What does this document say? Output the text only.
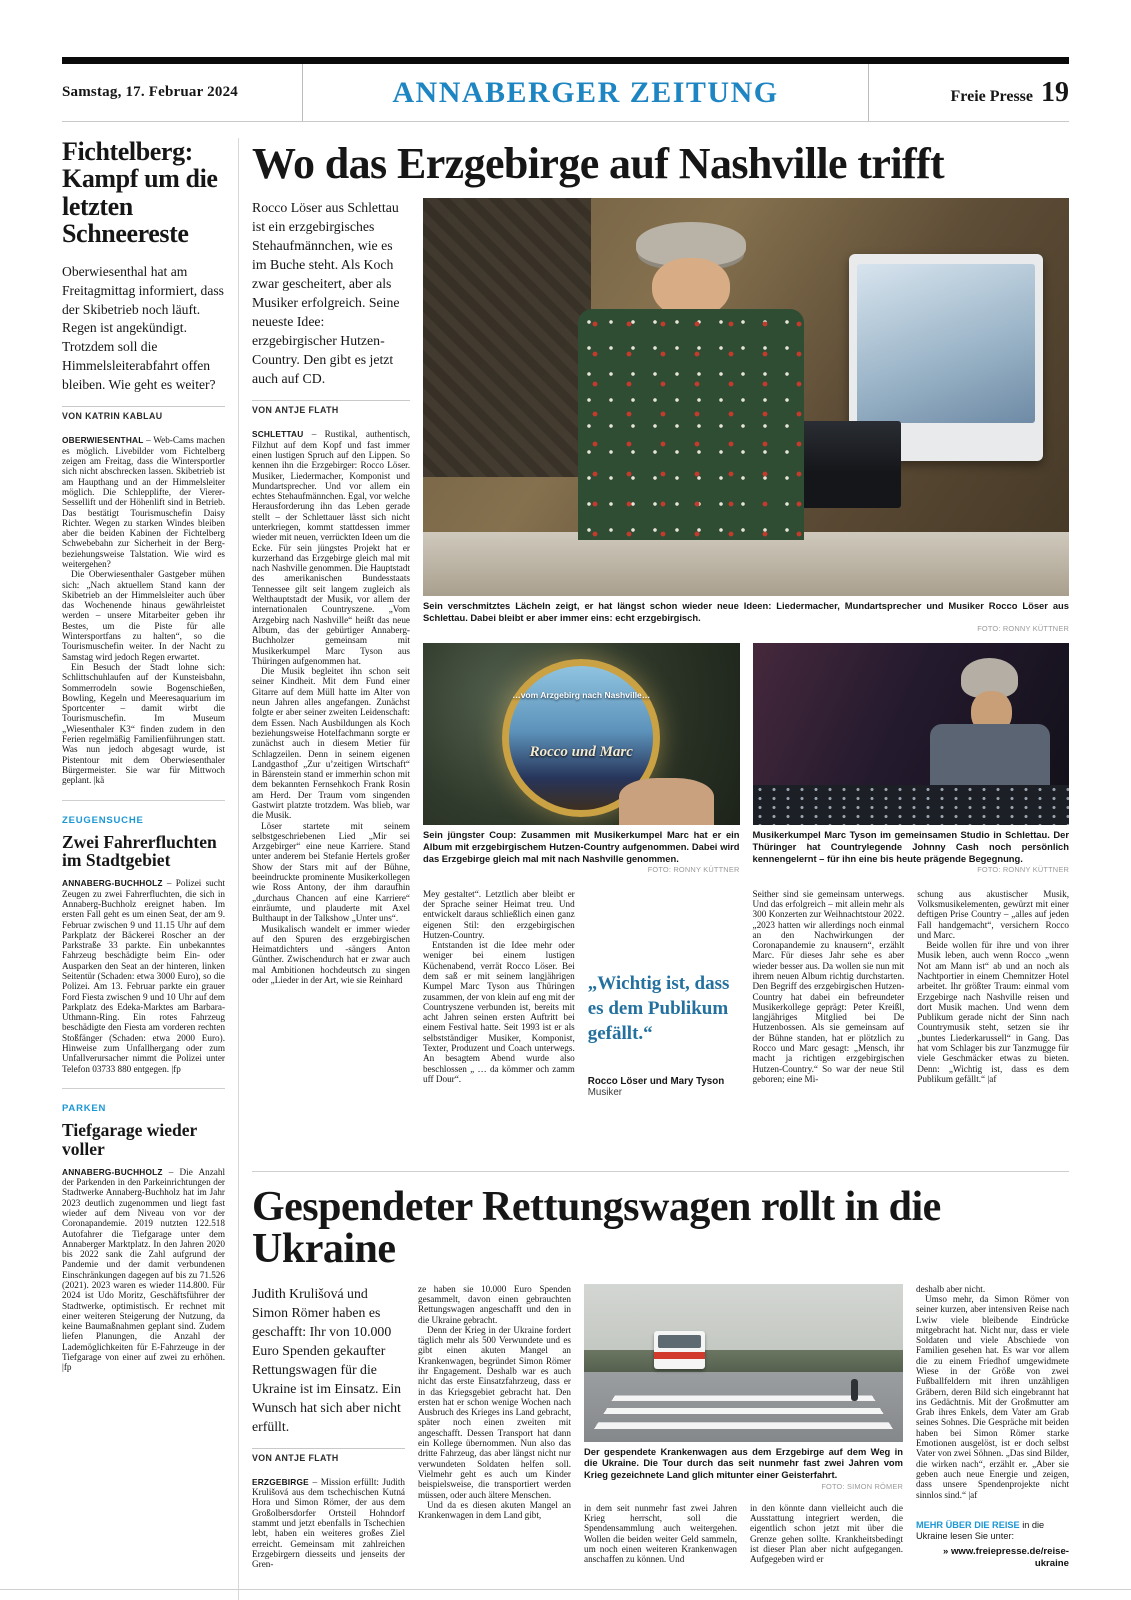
Samstag, 17. Februar 2024	ANNABERGER ZEITUNG	Freie Presse 19
Fichtelberg: Kampf um die letzten Schneereste

Oberwiesenthal hat am Freitagmittag informiert, dass der Skibetrieb noch läuft. Regen ist angekündigt. Trotzdem soll die Himmelsleiterabfahrt offen bleiben. Wie geht es weiter?

VON KATRIN KABLAU

OBERWIESENTHAL – Web-Cams machen es möglich. Livebilder vom Fichtelberg zeigen am Freitag, dass die Wintersportler sich nicht abschrecken lassen. Skibetrieb ist am Haupthang und an der Himmelsleiter möglich. Die Schlepplifte, der Vierer-Sessellift und der Höhenlift sind in Betrieb. Das bestätigt Tourismuschefin Daisy Richter. Wegen zu starken Windes bleiben aber die beiden Kabinen der Fichtelberg Schwebebahn zur Sicherheit in der Berg- beziehungsweise Talstation. Wie wird es weitergehen?

Die Oberwiesenthaler Gastgeber mühen sich: „Nach aktuellem Stand kann der Skibetrieb an der Himmelsleiter auch über das Wochenende hinaus gewährleistet werden – unsere Mitarbeiter geben ihr Bestes, um die Piste für alle Wintersportfans zu halten“, so die Tourismuschefin weiter. In der Nacht zu Samstag wird jedoch Regen erwartet.

Ein Besuch der Stadt lohne sich: Schlittschuhlaufen auf der Kunsteisbahn, Sommerrodeln sowie Bogenschießen, Bowling, Kegeln und Meeresaquarium im Sportcenter – damit wirbt die Tourismuschefin. Im Museum „Wiesenthaler K3“ finden zudem in den Ferien regelmäßig Familienführungen statt. Was nun jedoch abgesagt wurde, ist Pistentour mit dem Oberwiesenthaler Bürgermeister. Sie war für Mittwoch geplant. |kä

ZEUGENSUCHE
Zwei Fahrerfluchten im Stadtgebiet

ANNABERG-BUCHHOLZ – Polizei sucht Zeugen zu zwei Fahrerfluchten, die sich in Annaberg-Buchholz ereignet haben. Im ersten Fall geht es um einen Seat, der am 9. Februar zwischen 9 und 11.15 Uhr auf dem Parkplatz der Bäckerei Roscher an der Parkstraße 33 parkte. Ein unbekanntes Fahrzeug beschädigte beim Ein- oder Ausparken den Seat an der hinteren, linken Seitentür (Schaden: etwa 3000 Euro), so die Polizei. Am 13. Februar parkte ein grauer Ford Fiesta zwischen 9 und 10 Uhr auf dem Parkplatz des Edeka-Marktes am Barbara-Uthmann-Ring. Ein rotes Fahrzeug beschädigte den Fiesta am vorderen rechten Stoßfänger (Schaden: etwa 2000 Euro). Hinweise zum Unfallhergang oder zum Unfallverursacher nimmt die Polizei unter Telefon 03733 880 entgegen. |fp

PARKEN
Tiefgarage wieder voller

ANNABERG-BUCHHOLZ – Die Anzahl der Parkenden in den Parkeinrichtungen der Stadtwerke Annaberg-Buchholz hat im Jahr 2023 deutlich zugenommen und liegt fast wieder auf dem Niveau von vor der Coronapandemie. 2019 nutzten 122.518 Autofahrer die Tiefgarage unter dem Annaberger Marktplatz. In den Jahren 2020 bis 2022 sank die Zahl aufgrund der Pandemie und der damit verbundenen Einschränkungen dagegen auf bis zu 71.526 (2021). 2023 waren es wieder 114.800. Für 2024 ist Udo Moritz, Geschäftsführer der Stadtwerke, optimistisch. Er rechnet mit einer weiteren Steigerung der Nutzung, da keine Baumaßnahmen geplant sind. Zudem liefen Planungen, die Anzahl der Lademöglichkeiten für E-Fahrzeuge in der Tiefgarage von einer auf zwei zu erhöhen. |fp

Wo das Erzgebirge auf Nashville trifft

Rocco Löser aus Schlettau ist ein erzgebirgisches Stehaufmännchen, wie es im Buche steht. Als Koch zwar gescheitert, aber als Musiker erfolgreich. Seine neueste Idee: erzgebirgischer Hutzen-Country. Den gibt es jetzt auch auf CD.

VON ANTJE FLATH

SCHLETTAU – Rustikal, authentisch, Filzhut auf dem Kopf und fast immer einen lustigen Spruch auf den Lippen. So kennen ihn die Erzgebirger: Rocco Löser. Musiker, Liedermacher, Komponist und Mundartsprecher. Und vor allem ein echtes Stehaufmännchen. Egal, vor welche Herausforderung ihn das Leben gerade stellt – der Schlettauer lässt sich nicht unterkriegen, kommt stattdessen immer wieder mit neuen, verrückten Ideen um die Ecke. Für sein jüngstes Projekt hat er kurzerhand das Erzgebirge gleich mal mit nach Nashville genommen. Die Hauptstadt des amerikanischen Bundesstaats Tennessee gilt seit langem zugleich als Welthauptstadt der Musik, vor allem der internationalen Countryszene. „Vom Arzgebirg nach Nashville“ heißt das neue Album, das der gebürtiger Annaberg-Buchholzer gemeinsam mit Musikerkumpel Marc Tyson aus Thüringen aufgenommen hat.

Die Musik begleitet ihn schon seit seiner Kindheit. Mit dem Fund einer Gitarre auf dem Müll hatte im Alter von neun Jahren alles angefangen. Zunächst folgte er aber seiner zweiten Leidenschaft: dem Essen. Nach Ausbildungen als Koch beziehungsweise Hotelfachmann sorgte er zunächst auch in diesem Metier für Schlagzeilen. Denn in seinem eigenen Landgasthof „Zur u’zeitigen Wirtschaft“ in Bärenstein stand er immerhin schon mit dem bekannten Fernsehkoch Frank Rosin am Herd. Der Traum vom singenden Gastwirt platzte trotzdem. Was blieb, war die Musik.

Löser startete mit seinem selbstgeschriebenen Lied „Mir sei Arzgebirger“ eine neue Karriere. Stand unter anderem bei Stefanie Hertels großer Show der Stars mit auf der Bühne, beeindruckte prominente Musikerkollegen wie Ross Antony, der ihm daraufhin „durchaus Chancen auf eine Karriere“ einräumte, und plauderte mit Axel Bulthaupt in der Talkshow „Unter uns“.

Musikalisch wandelt er immer wieder auf den Spuren des erzgebirgischen Heimatdichters und -sängers Anton Günther. Zwischendurch hat er zwar auch mal Ambitionen hochdeutsch zu singen oder „Lieder in der Art, wie sie Reinhard

Sein verschmitztes Lächeln zeigt, er hat längst schon wieder neue Ideen: Liedermacher, Mundartsprecher und Musiker Rocco Löser aus Schlettau. Dabei bleibt er aber immer eins: echt erzgebirgisch.
FOTO: RONNY KÜTTNER
…vom Arzgebirg nach Nashville…
Rocco und Marc
Sein jüngster Coup: Zusammen mit Musikerkumpel Marc hat er ein Album mit erzgebirgischem Hutzen-Country aufgenommen. Dabei wird das Erzgebirge gleich mal mit nach Nashville genommen.
FOTO: RONNY KÜTTNER
Musikerkumpel Marc Tyson im gemeinsamen Studio in Schlettau. Der Thüringer hat Countrylegende Johnny Cash noch persönlich kennengelernt – für ihn eine bis heute prägende Begegnung.
FOTO: RONNY KÜTTNER

Mey gestaltet“. Letztlich aber bleibt er der Sprache seiner Heimat treu. Und entwickelt daraus schließlich einen ganz eigenen Stil: den erzgebirgischen Hutzen-Country.

Entstanden ist die Idee mehr oder weniger bei einem lustigen Küchenabend, verrät Rocco Löser. Bei dem saß er mit seinem langjährigen Kumpel Marc Tyson aus Thüringen zusammen, der von klein auf eng mit der Countryszene verbunden ist, bereits mit acht Jahren seinen ersten Auftritt bei einem Festival hatte. Seit 1993 ist er als selbstständiger Musiker, Komponist, Texter, Produzent und Coach unterwegs. An besagtem Abend wurde also beschlossen „ … da kömmer och zamm uff Dour“.

„Wichtig ist, dass es dem Publikum gefällt.“
Rocco Löser und Mary Tyson Musiker

Seither sind sie gemeinsam unterwegs. Und das erfolgreich – mit allein mehr als 300 Konzerten zur Weihnachtstour 2022. „2023 hatten wir allerdings noch einmal an den Nachwirkungen der Coronapandemie zu knausern“, erzählt Marc. Für dieses Jahr sehe es aber wieder besser aus. Da wollen sie nun mit ihrem neuen Album richtig durchstarten. Den Begriff des erzgebirgischen Hutzen-Country hat dabei ein befreundeter Musikerkollege geprägt: Peter Kreißl, langjähriges Mitglied bei De Hutzenbossen. Als sie gemeinsam auf der Bühne standen, hat er plötzlich zu Rocco und Marc gesagt: „Mensch, ihr macht ja richtigen erzgebirgischen Hutzen-Country.“ So war der neue Stil geboren; eine Mi-

schung aus akustischer Musik, Volksmusikelementen, gewürzt mit einer deftigen Prise Country – „alles auf jeden Fall handgemacht“, versichern Rocco und Marc.

Beide wollen für ihre und von ihrer Musik leben, auch wenn Rocco „wenn Not am Mann ist“ ab und an noch als Nachtportier in einem Chemnitzer Hotel arbeitet. Ihr größter Traum: einmal vom Erzgebirge nach Nashville reisen und dort Musik machen. Und wenn dem Publikum gerade nicht der Sinn nach Countrymusik steht, setzen sie ihr „buntes Liederkarussell“ in Gang. Das hat vom Schlager bis zur Tanzmugge für viele Geschmäcker etwas zu bieten. Denn: „Wichtig ist, dass es dem Publikum gefällt.“ |af

Gespendeter Rettungswagen rollt in die Ukraine

Judith Krulišová und Simon Römer haben es geschafft: Ihr von 10.000 Euro Spenden gekaufter Rettungswagen für die Ukraine ist im Einsatz. Ein Wunsch hat sich aber nicht erfüllt.

VON ANTJE FLATH

ERZGEBIRGE – Mission erfüllt: Judith Krulišová aus dem tschechischen Kutná Hora und Simon Römer, der aus dem Großolbersdorfer Ortsteil Hohndorf stammt und jetzt ebenfalls in Tschechien lebt, haben ein weiteres großes Ziel erreicht. Gemeinsam mit zahlreichen Erzgebirgern diesseits und jenseits der Gren-

ze haben sie 10.000 Euro Spenden gesammelt, davon einen gebrauchten Rettungswagen angeschafft und den in die Ukraine gebracht.

Denn der Krieg in der Ukraine fordert täglich mehr als 500 Verwundete und es gibt einen akuten Mangel an Krankenwagen, begründet Simon Römer ihr Engagement. Deshalb war es auch nicht das erste Einsatzfahrzeug, dass er in das Kriegsgebiet gebracht hat. Den ersten hat er schon wenige Wochen nach Ausbruch des Krieges ins Land gebracht, später noch einen zweiten mit angeschafft. Dessen Transport hat dann ein Kollege übernommen. Nun also das dritte Fahrzeug, das aber längst nicht nur verwundeten Soldaten helfen soll. Vielmehr geht es auch um Kinder beispielsweise, die transportiert werden müssen, oder auch ältere Menschen.

Und da es diesen akuten Mangel an Krankenwagen in dem Land gibt,

Der gespendete Krankenwagen aus dem Erzgebirge auf dem Weg in die Ukraine. Die Tour durch das seit nunmehr fast zwei Jahren vom Krieg gezeichnete Land glich mitunter einer Geisterfahrt.
FOTO: SIMON RÖMER

in dem seit nunmehr fast zwei Jahren Krieg herrscht, soll die Spendensammlung auch weitergehen. Wollen die beiden weiter Geld sammeln, um noch einen weiteren Krankenwagen anschaffen zu können. Und

in den könnte dann vielleicht auch die Ausstattung integriert werden, die eigentlich schon jetzt mit über die Grenze gehen sollte. Krankheitsbedingt ist dieser Plan aber nicht aufgegangen. Aufgegeben wird er

deshalb aber nicht.

Umso mehr, da Simon Römer von seiner kurzen, aber intensiven Reise nach Lwiw viele bleibende Eindrücke mitgebracht hat. Nicht nur, dass er viele Soldaten und viele Abschiede von Familien gesehen hat. Es war vor allem die zu einem Friedhof umgewidmete Wiese in der Größe von zwei Fußballfeldern mit ihren unzähligen Gräbern, deren Bild sich eingebrannt hat ins Gedächtnis. Mit der Großmutter am Grab ihres Enkels, dem Vater am Grab seines Sohnes. Die Gespräche mit beiden haben bei Simon Römer starke Emotionen ausgelöst, ist er doch selbst Vater von zwei Söhnen. „Das sind Bilder, die wirken nach“, erzählt er. „Aber sie geben auch neue Energie und zeigen, dass unsere Spendenprojekte nicht sinnlos sind.“ |af

MEHR ÜBER DIE REISE in die Ukraine lesen Sie unter:
» www.freiepresse.de/reise-ukraine
